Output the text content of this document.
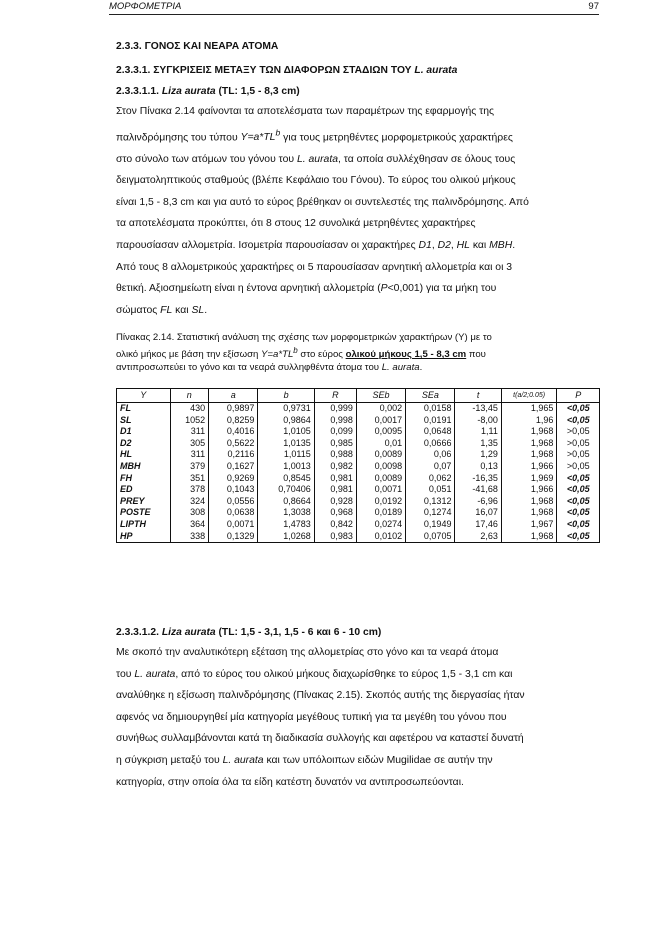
ΜΟΡΦΟΜΕΤΡΙΑ	97
2.3.3. ΓΟΝΟΣ ΚΑΙ ΝΕΑΡΑ ΑΤΟΜΑ
2.3.3.1. ΣΥΓΚΡΙΣΕΙΣ ΜΕΤΑΞΥ ΤΩΝ ΔΙΑΦΟΡΩΝ ΣΤΑΔΙΩΝ ΤΟΥ L. aurata
2.3.3.1.1. Liza aurata (TL: 1,5 - 8,3 cm)
Στον Πίνακα 2.14 φαίνονται τα αποτελέσματα των παραμέτρων της εφαρμογής της
παλινδρόμησης του τύπου $Y=a*TL^b$ για τους μετρηθέντες μορφομετρικούς χαρακτήρες
στο σύνολο των ατόμων του γόνου του L. aurata, τα οποία συλλέχθησαν σε όλους τους
δειγματοληπτικούς σταθμούς (βλέπε Κεφάλαιο του Γόνου). Το εύρος του ολικού μήκους
είναι 1,5 - 8,3 cm και για αυτό το εύρος βρέθηκαν οι συντελεστές της παλινδρόμησης. Από
τα αποτελέσματα προκύπτει, ότι 8 στους 12 συνολικά μετρηθέντες χαρακτήρες
παρουσίασαν αλλομετρία. Ισομετρία παρουσίασαν οι χαρακτήρες D1, D2, HL και MBH.
Από τους 8 αλλομετρικούς χαρακτήρες οι 5 παρουσίασαν αρνητική αλλομετρία και οι 3
θετική. Αξιοσημείωτη είναι η έντονα αρνητική αλλομετρία (P<0,001) για τα μήκη του
σώματος FL και SL.
Πίνακας 2.14. Στατιστική ανάλυση της σχέσης των μορφομετρικών χαρακτήρων (Y) με το
ολικό μήκος με βάση την εξίσωση $Y=a*TL^b$ στο εύρος ολικού μήκους 1,5 - 8,3 cm που
αντιπροσωπεύει το γόνο και τα νεαρά συλληφθέντα άτομα του L. aurata.
Y	n	a	b	R	SEb	SEa	t	t(a/2;0.05)	P
FL	430	0,9897	0,9731	0,999	0,002	0,0158	-13,45	1,965	<0,05
SL	1052	0,8259	0,9864	0,998	0,0017	0,0191	-8,00	1,96	<0,05
D1	311	0,4016	1,0105	0,099	0,0095	0,0648	1,11	1,968	>0,05
D2	305	0,5622	1,0135	0,985	0,01	0,0666	1,35	1,968	>0,05
HL	311	0,2116	1,0115	0,988	0,0089	0,06	1,29	1,968	>0,05
MBH	379	0,1627	1,0013	0,982	0,0098	0,07	0,13	1,966	>0,05
FH	351	0,9269	0,8545	0,981	0,0089	0,062	-16,35	1,969	<0,05
ED	378	0,1043	0,70406	0,981	0,0071	0,051	-41,68	1,966	<0,05
PREY	324	0,0556	0,8664	0,928	0,0192	0,1312	-6,96	1,968	<0,05
POSTE	308	0,0638	1,3038	0,968	0,0189	0,1274	16,07	1,968	<0,05
LIPTH	364	0,0071	1,4783	0,842	0,0274	0,1949	17,46	1,967	<0,05
HP	338	0,1329	1,0268	0,983	0,0102	0,0705	2,63	1,968	<0,05
2.3.3.1.2. Liza aurata (TL: 1,5 - 3,1, 1,5 - 6 και 6 - 10 cm)
Με σκοπό την αναλυτικότερη εξέταση της αλλομετρίας στο γόνο και τα νεαρά άτομα
του L. aurata, από το εύρος του ολικού μήκους διαχωρίσθηκε το εύρος 1,5 - 3,1 cm και
αναλύθηκε η εξίσωση παλινδρόμησης (Πίνακας 2.15). Σκοπός αυτής της διεργασίας ήταν
αφενός να δημιουργηθεί μία κατηγορία μεγέθους τυπική για τα μεγέθη του γόνου που
συνήθως συλλαμβάνονται κατά τη διαδικασία συλλογής και αφετέρου να καταστεί δυνατή
η σύγκριση μεταξύ του L. aurata και των υπόλοιπων ειδών Mugilidae σε αυτήν την
κατηγορία, στην οποία όλα τα είδη κατέστη δυνατόν να αντιπροσωπεύονται.
